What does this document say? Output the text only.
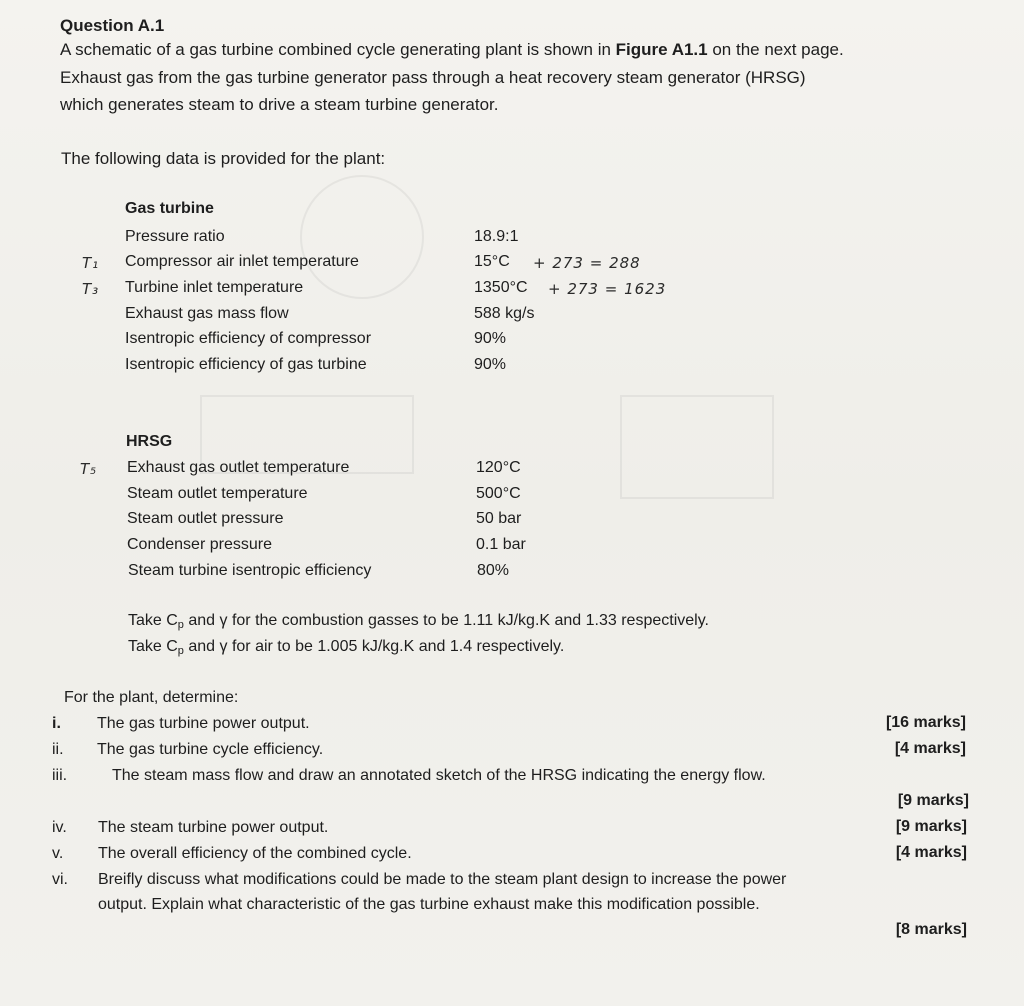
Question A.1
A schematic of a gas turbine combined cycle generating plant is shown in Figure A1.1 on the next page.
Exhaust gas from the gas turbine generator pass through a heat recovery steam generator (HRSG)
which generates steam to drive a steam turbine generator.
The following data is provided for the plant:
Gas turbine
Pressure ratio	18.9:1
T₁ Compressor air inlet temperature	15°C + 273 = 288
T₃ Turbine inlet temperature	1350°C + 273 = 1623
Exhaust gas mass flow	588 kg/s
Isentropic efficiency of compressor	90%
Isentropic efficiency of gas turbine	90%
HRSG
T₅ Exhaust gas outlet temperature	120°C
Steam outlet temperature	500°C
Steam outlet pressure	50 bar
Condenser pressure	0.1 bar
Steam turbine isentropic efficiency	80%
Take $C_p$ and γ for the combustion gasses to be 1.11 kJ/kg.K and 1.33 respectively.
Take $C_p$ and γ for air to be 1.005 kJ/kg.K and 1.4 respectively.
For the plant, determine:
i. The gas turbine power output.	[16 marks]
ii. The gas turbine cycle efficiency.	[4 marks]
iii.	The steam mass flow and draw an annotated sketch of the HRSG indicating the energy flow.
[9 marks]
iv. The steam turbine power output.	[9 marks]
v. The overall efficiency of the combined cycle.	[4 marks]
vi. Breifly discuss what modifications could be made to the steam plant design to increase the power
output. Explain what characteristic of the gas turbine exhaust make this modification possible.
[8 marks]
